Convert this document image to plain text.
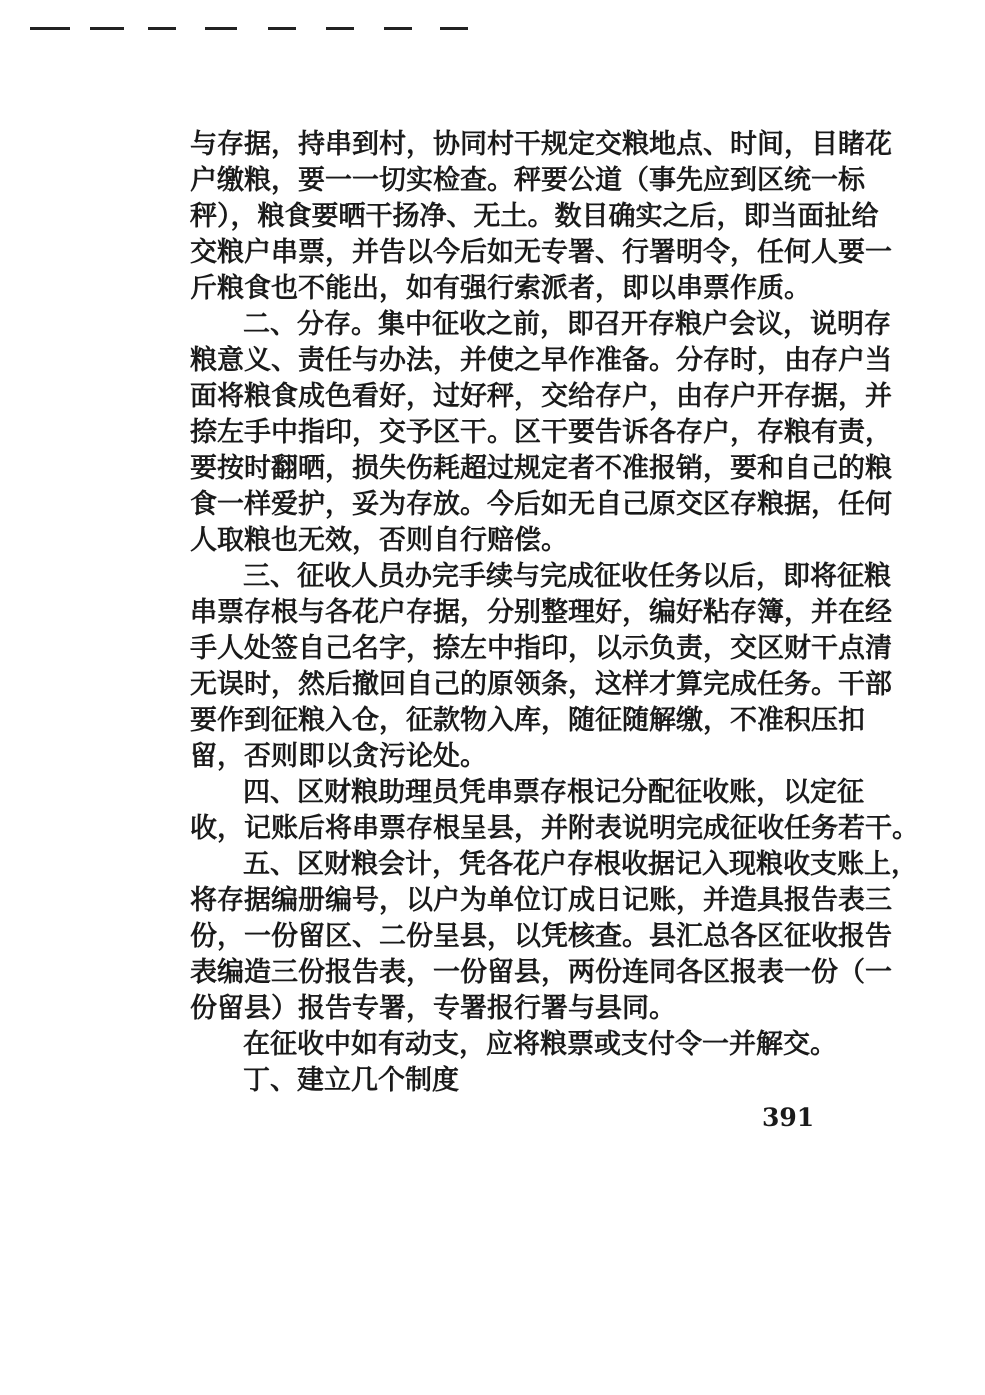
与存据，持串到村，协同村干规定交粮地点、时间，目睹花
户缴粮，要一一切实检查。秤要公道（事先应到区统一标
秤），粮食要晒干扬净、无土。数目确实之后，即当面扯给
交粮户串票，并告以今后如无专署、行署明令，任何人要一
斤粮食也不能出，如有强行索派者，即以串票作质。
二、分存。集中征收之前，即召开存粮户会议，说明存
粮意义、责任与办法，并使之早作准备。分存时，由存户当
面将粮食成色看好，过好秤，交给存户，由存户开存据，并
捺左手中指印，交予区干。区干要告诉各存户，存粮有责，
要按时翻晒，损失伤耗超过规定者不准报销，要和自己的粮
食一样爱护，妥为存放。今后如无自己原交区存粮据，任何
人取粮也无效，否则自行赔偿。
三、征收人员办完手续与完成征收任务以后，即将征粮
串票存根与各花户存据，分别整理好，编好粘存簿，并在经
手人处签自己名字，捺左中指印，以示负责，交区财干点清
无误时，然后撤回自己的原领条，这样才算完成任务。干部
要作到征粮入仓，征款物入库，随征随解缴，不准积压扣
留，否则即以贪污论处。
四、区财粮助理员凭串票存根记分配征收账，以定征
收，记账后将串票存根呈县，并附表说明完成征收任务若干。
五、区财粮会计，凭各花户存根收据记入现粮收支账上，
将存据编册编号，以户为单位订成日记账，并造具报告表三
份，一份留区、二份呈县，以凭核查。县汇总各区征收报告
表编造三份报告表，一份留县，两份连同各区报表一份（一
份留县）报告专署，专署报行署与县同。
在征收中如有动支，应将粮票或支付令一并解交。
丁、建立几个制度
391
